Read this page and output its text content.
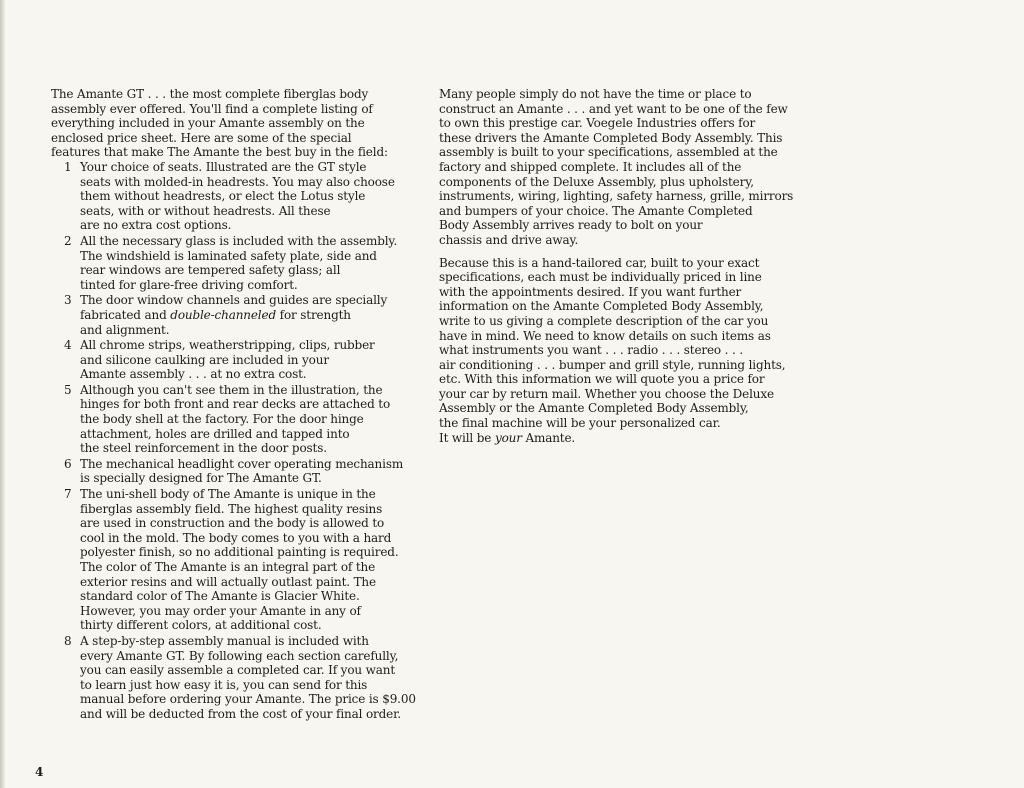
The Amante GT . . . the most complete fiberglas body
assembly ever offered. You'll find a complete listing of
everything included in your Amante assembly on the
enclosed price sheet. Here are some of the special
features that make The Amante the best buy in the field:

1 Your choice of seats. Illustrated are the GT style
seats with molded-in headrests. You may also choose
them without headrests, or elect the Lotus style
seats, with or without headrests. All these
are no extra cost options.
2 All the necessary glass is included with the assembly.
The windshield is laminated safety plate, side and
rear windows are tempered safety glass; all
tinted for glare-free driving comfort.
3 The door window channels and guides are specially
fabricated and double-channeled for strength
and alignment.
4 All chrome strips, weatherstripping, clips, rubber
and silicone caulking are included in your
Amante assembly . . . at no extra cost.
5 Although you can't see them in the illustration, the
hinges for both front and rear decks are attached to
the body shell at the factory. For the door hinge
attachment, holes are drilled and tapped into
the steel reinforcement in the door posts.
6 The mechanical headlight cover operating mechanism
is specially designed for The Amante GT.
7 The uni-shell body of The Amante is unique in the
fiberglas assembly field. The highest quality resins
are used in construction and the body is allowed to
cool in the mold. The body comes to you with a hard
polyester finish, so no additional painting is required.
The color of The Amante is an integral part of the
exterior resins and will actually outlast paint. The
standard color of The Amante is Glacier White.
However, you may order your Amante in any of
thirty different colors, at additional cost.
8 A step-by-step assembly manual is included with
every Amante GT. By following each section carefully,
you can easily assemble a completed car. If you want
to learn just how easy it is, you can send for this
manual before ordering your Amante. The price is $9.00
and will be deducted from the cost of your final order.

Many people simply do not have the time or place to
construct an Amante . . . and yet want to be one of the few
to own this prestige car. Voegele Industries offers for
these drivers the Amante Completed Body Assembly. This
assembly is built to your specifications, assembled at the
factory and shipped complete. It includes all of the
components of the Deluxe Assembly, plus upholstery,
instruments, wiring, lighting, safety harness, grille, mirrors
and bumpers of your choice. The Amante Completed
Body Assembly arrives ready to bolt on your
chassis and drive away.

Because this is a hand-tailored car, built to your exact
specifications, each must be individually priced in line
with the appointments desired. If you want further
information on the Amante Completed Body Assembly,
write to us giving a complete description of the car you
have in mind. We need to know details on such items as
what instruments you want . . . radio . . . stereo . . .
air conditioning . . . bumper and grill style, running lights,
etc. With this information we will quote you a price for
your car by return mail. Whether you choose the Deluxe
Assembly or the Amante Completed Body Assembly,
the final machine will be your personalized car.
It will be your Amante.

4
